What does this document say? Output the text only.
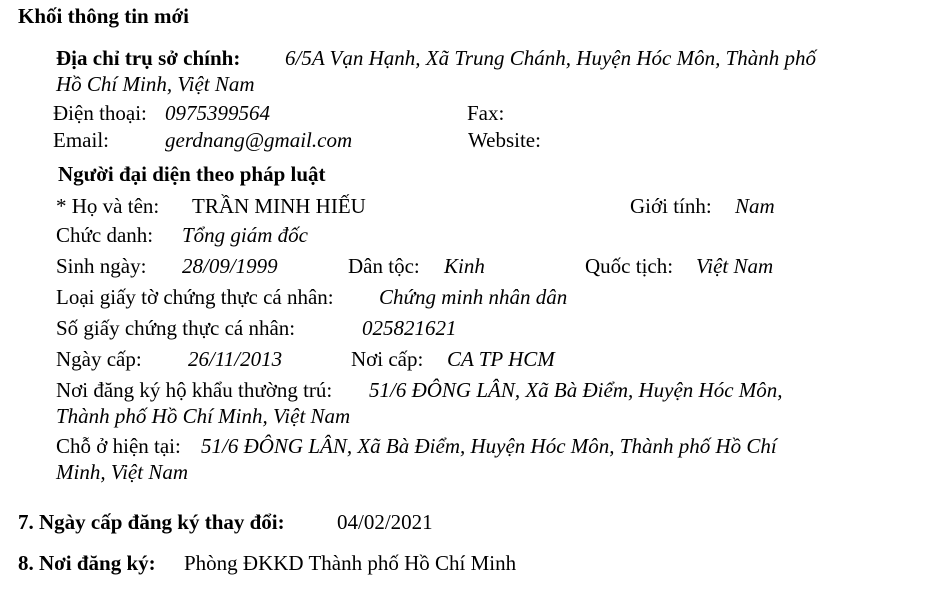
Khối thông tin mới
Địa chỉ trụ sở chính: 6/5A Vạn Hạnh, Xã Trung Chánh, Huyện Hóc Môn, Thành phố
Hồ Chí Minh, Việt Nam
Điện thoại: 0975399564	Fax:
Email:	gerdnang@gmail.com	Website:
Người đại diện theo pháp luật
* Họ và tên: TRẦN MINH HIẾU	Giới tính: Nam
Chức danh: Tổng giám đốc
Sinh ngày: 28/09/1999	Dân tộc: Kinh	Quốc tịch: Việt Nam
Loại giấy tờ chứng thực cá nhân: Chứng minh nhân dân
Số giấy chứng thực cá nhân:	025821621
Ngày cấp: 26/11/2013	Nơi cấp: CA TP HCM
Nơi đăng ký hộ khẩu thường trú: 51/6 ĐÔNG LÂN, Xã Bà Điểm, Huyện Hóc Môn,
Thành phố Hồ Chí Minh, Việt Nam
Chỗ ở hiện tại: 51/6 ĐÔNG LÂN, Xã Bà Điểm, Huyện Hóc Môn, Thành phố Hồ Chí
Minh, Việt Nam
7. Ngày cấp đăng ký thay đổi: 04/02/2021
8. Nơi đăng ký: Phòng ĐKKD Thành phố Hồ Chí Minh
